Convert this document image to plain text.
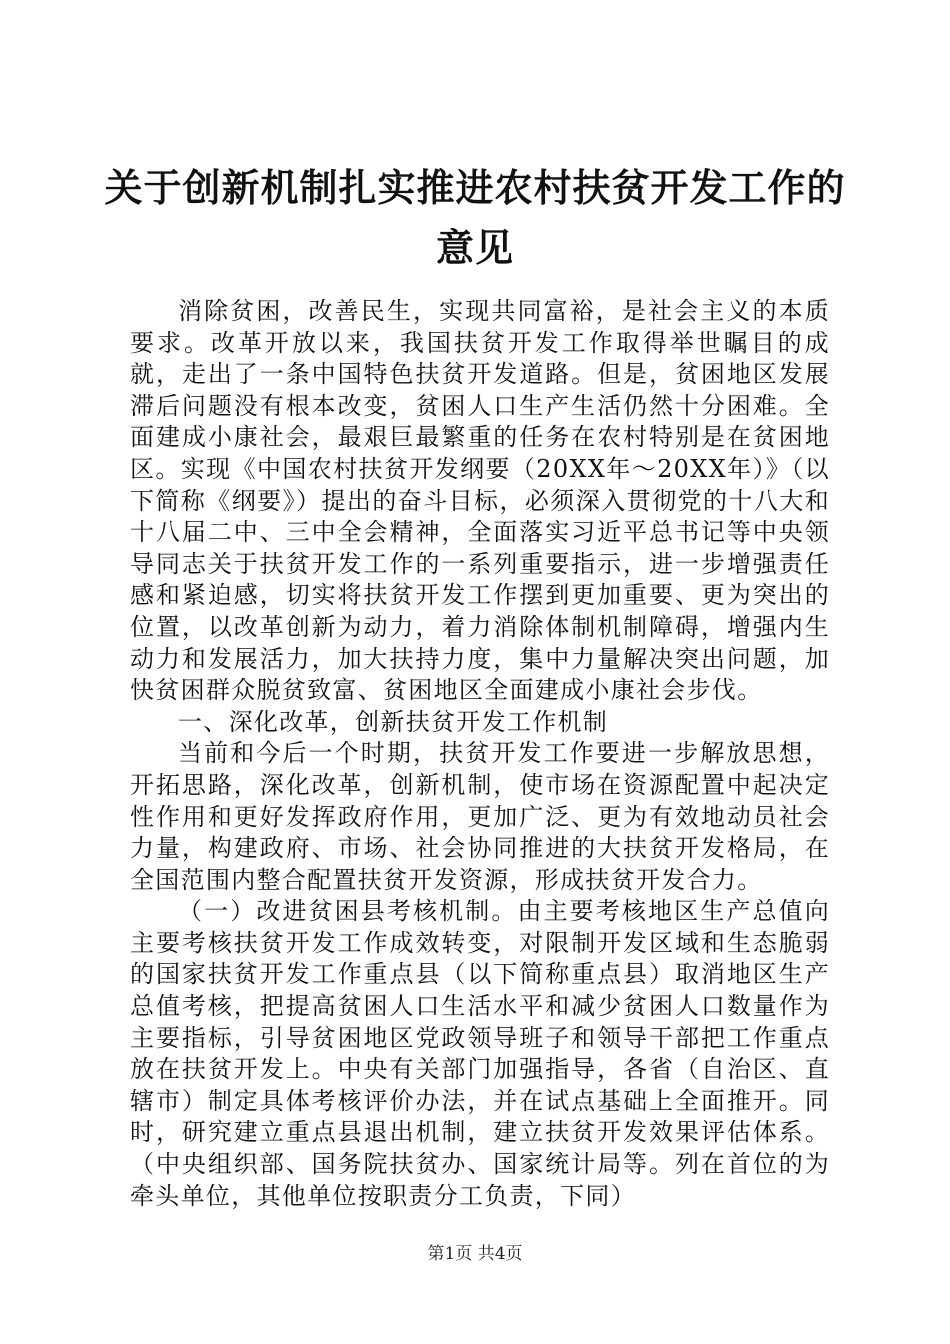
关于创新机制扎实推进农村扶贫开发工作的意见

消除贫困，改善民生，实现共同富裕，是社会主义的本质要求。改革开放以来，我国扶贫开发工作取得举世瞩目的成就，走出了一条中国特色扶贫开发道路。但是，贫困地区发展滞后问题没有根本改变，贫困人口生产生活仍然十分困难。全面建成小康社会，最艰巨最繁重的任务在农村特别是在贫困地区。实现《中国农村扶贫开发纲要（20XX年～20XX年）》（以下简称《纲要》）提出的奋斗目标，必须深入贯彻党的十八大和十八届二中、三中全会精神，全面落实习近平总书记等中央领导同志关于扶贫开发工作的一系列重要指示，进一步增强责任感和紧迫感，切实将扶贫开发工作摆到更加重要、更为突出的位置，以改革创新为动力，着力消除体制机制障碍，增强内生动力和发展活力，加大扶持力度，集中力量解决突出问题，加快贫困群众脱贫致富、贫困地区全面建成小康社会步伐。

一、深化改革，创新扶贫开发工作机制

当前和今后一个时期，扶贫开发工作要进一步解放思想，开拓思路，深化改革，创新机制，使市场在资源配置中起决定性作用和更好发挥政府作用，更加广泛、更为有效地动员社会力量，构建政府、市场、社会协同推进的大扶贫开发格局，在全国范围内整合配置扶贫开发资源，形成扶贫开发合力。

（一）改进贫困县考核机制。由主要考核地区生产总值向主要考核扶贫开发工作成效转变，对限制开发区域和生态脆弱的国家扶贫开发工作重点县（以下简称重点县）取消地区生产总值考核，把提高贫困人口生活水平和减少贫困人口数量作为主要指标，引导贫困地区党政领导班子和领导干部把工作重点放在扶贫开发上。中央有关部门加强指导，各省（自治区、直辖市）制定具体考核评价办法，并在试点基础上全面推开。同时，研究建立重点县退出机制，建立扶贫开发效果评估体系。（中央组织部、国务院扶贫办、国家统计局等。列在首位的为牵头单位，其他单位按职责分工负责，下同）

第1页 共4页
